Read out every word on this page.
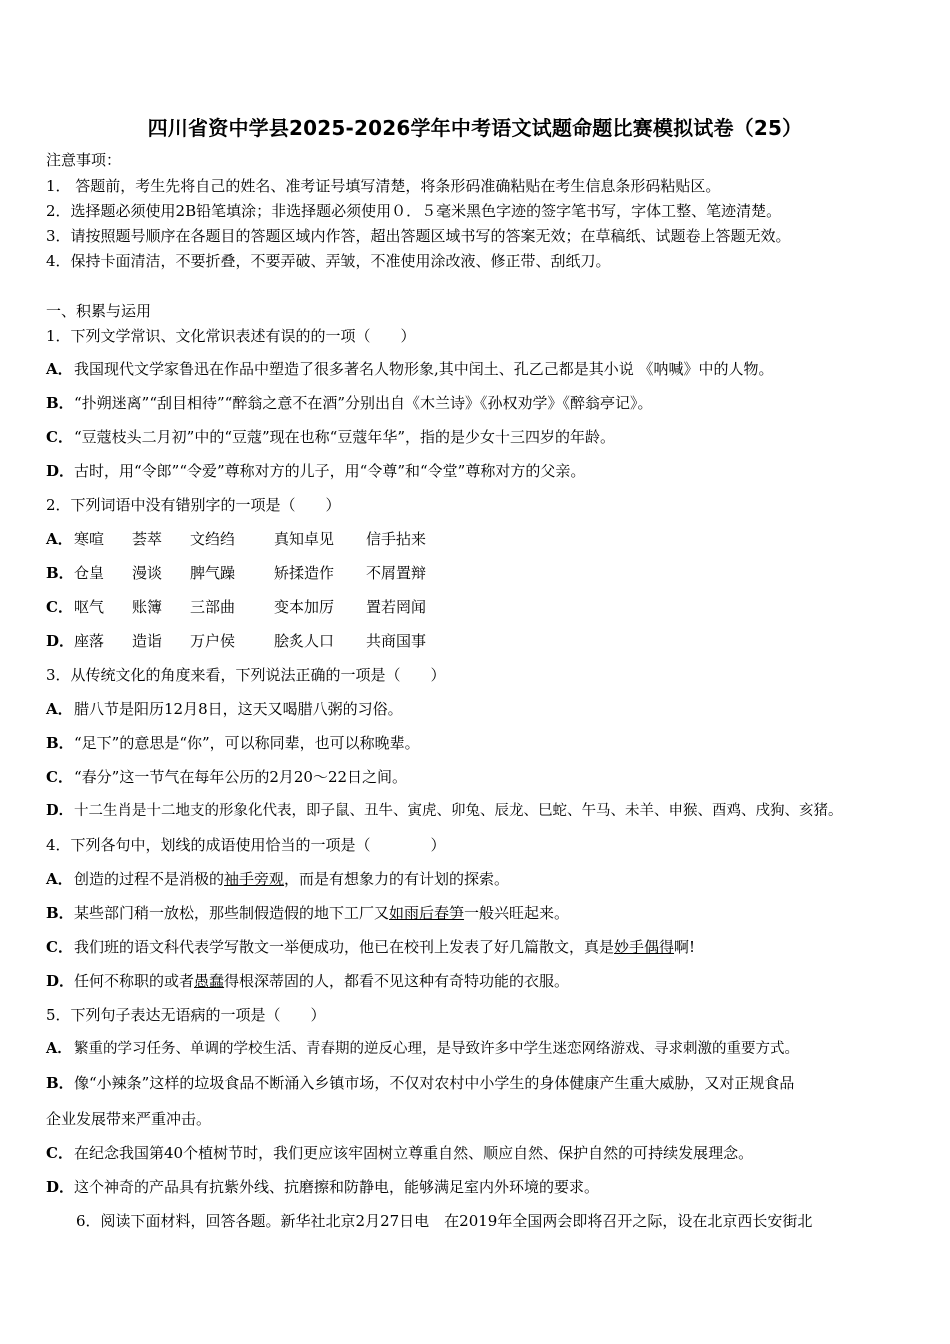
四川省资中学县2025-2026学年中考语文试题命题比赛模拟试卷（25）
注意事项：
1． 答题前，考生先将自己的姓名、准考证号填写清楚，将条形码准确粘贴在考生信息条形码粘贴区。
2．选择题必须使用2B铅笔填涂；非选择题必须使用０．５毫米黑色字迹的签字笔书写，字体工整、笔迹清楚。
3．请按照题号顺序在各题目的答题区域内作答，超出答题区域书写的答案无效；在草稿纸、试题卷上答题无效。
4．保持卡面清洁，不要折叠，不要弄破、弄皱，不准使用涂改液、修正带、刮纸刀。
一、积累与运用
1．下列文学常识、文化常识表述有误的的一项（　　）
A．我国现代文学家鲁迅在作品中塑造了很多著名人物形象,其中闰土、孔乙己都是其小说 《呐喊》中的人物。
B．“扑朔迷离”“刮目相待”“醉翁之意不在酒”分别出自《木兰诗》《孙权劝学》《醉翁亭记》。
C．“豆蔻枝头二月初”中的“豆蔻”现在也称“豆蔻年华”，指的是少女十三四岁的年龄。
D．古时，用“令郎”“令爱”尊称对方的儿子，用“令尊”和“令堂”尊称对方的父亲。
2．下列词语中没有错别字的一项是（　　）
A．寒喧 荟萃 文绉绉	真知卓见 信手拈来
B．仓皇 漫谈 脾气躁	矫揉造作 不屑置辩
C．呕气 账簿 三部曲	变本加厉 置若罔闻
D．座落 造诣 万户侯	脍炙人口 共商国事
3．从传统文化的角度来看，下列说法正确的一项是（　　）
A．腊八节是阳历12月8日，这天又喝腊八粥的习俗。
B．“足下”的意思是“你”，可以称同辈，也可以称晚辈。
C．“春分”这一节气在每年公历的2月20～22日之间。
D．十二生肖是十二地支的形象化代表，即子鼠、丑牛、寅虎、卯兔、辰龙、巳蛇、午马、未羊、申猴、酉鸡、戌狗、亥猪。
4．下列各句中，划线的成语使用恰当的一项是（　　　　）
A．创造的过程不是消极的袖手旁观，而是有想象力的有计划的探索。
B．某些部门稍一放松，那些制假造假的地下工厂又如雨后春笋一般兴旺起来。
C．我们班的语文科代表学写散文一举便成功，他已在校刊上发表了好几篇散文，真是妙手偶得啊!
D．任何不称职的或者愚蠢得根深蒂固的人，都看不见这种有奇特功能的衣服。
5．下列句子表达无语病的一项是（　　）
A． 繁重的学习任务、单调的学校生活、青春期的逆反心理，是导致许多中学生迷恋网络游戏、寻求刺激的重要方式。
B．像“小辣条”这样的垃圾食品不断涌入乡镇市场，不仅对农村中小学生的身体健康产生重大威胁，又对正规食品
企业发展带来严重冲击。
C．在纪念我国第40个植树节时，我们更应该牢固树立尊重自然、顺应自然、保护自然的可持续发展理念。
D．这个神奇的产品具有抗紫外线、抗磨擦和防静电，能够满足室内外环境的要求。
6．阅读下面材料，回答各题。新华社北京2月27日电　在2019年全国两会即将召开之际，设在北京西长安街北
